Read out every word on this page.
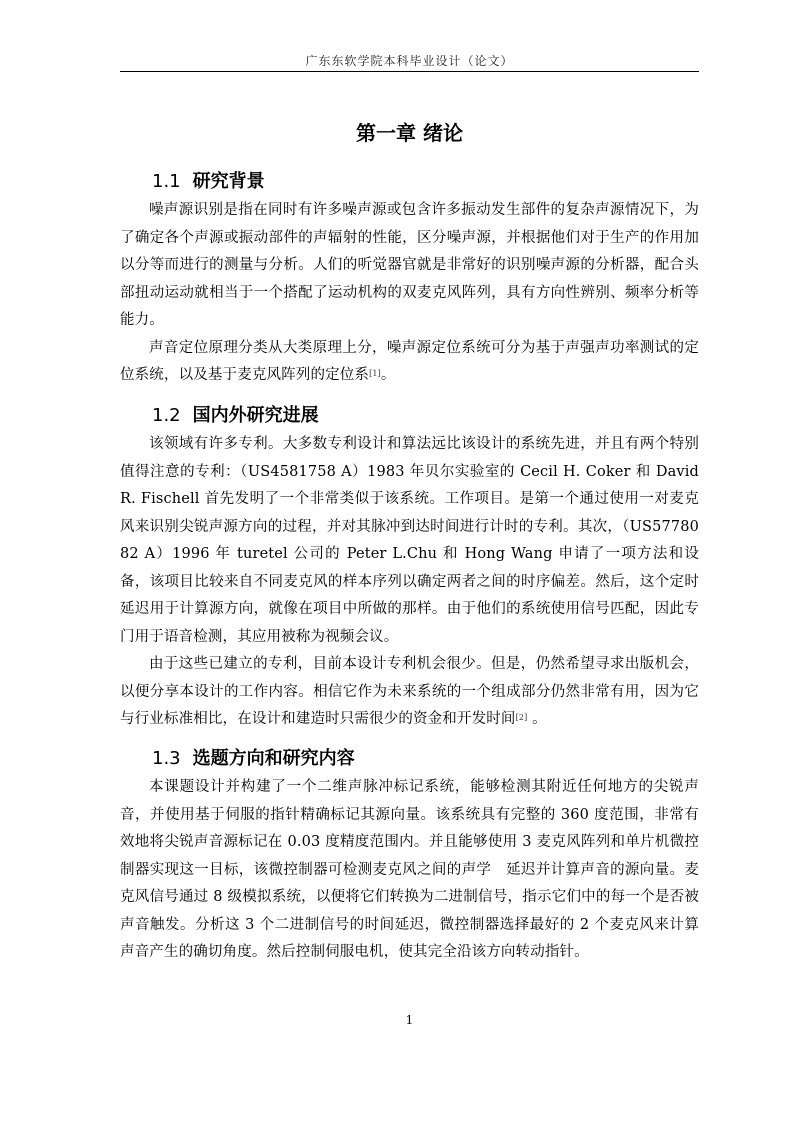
广东东软学院本科毕业设计（论文）
第一章 绪论
1.1 研究背景

噪声源识别是指在同时有许多噪声源或包含许多振动发生部件的复杂声源情况下，为了确定各个声源或振动部件的声辐射的性能，区分噪声源，并根据他们对于生产的作用加以分等而进行的测量与分析。人们的听觉器官就是非常好的识别噪声源的分析器，配合头部扭动运动就相当于一个搭配了运动机构的双麦克风阵列，具有方向性辨别、频率分析等能力。

声音定位原理分类从大类原理上分，噪声源定位系统可分为基于声强声功率测试的定位系统，以及基于麦克风阵列的定位系[1]。

1.2 国内外研究进展

该领域有许多专利。大多数专利设计和算法远比该设计的系统先进，并且有两个特别值得注意的专利：（US4581758 A）1983 年贝尔实验室的 Cecil H. Coker 和 David R. Fischell 首先发明了一个非常类似于该系统。工作项目。是第一个通过使用一对麦克风来识别尖锐声源方向的过程，并对其脉冲到达时间进行计时的专利。其次，（US5778082 A）1996 年 turetel 公司的 Peter L.Chu 和 Hong Wang 申请了一项方法和设备，该项目比较来自不同麦克风的样本序列以确定两者之间的时序偏差。然后，这个定时延迟用于计算源方向，就像在项目中所做的那样。由于他们的系统使用信号匹配，因此专门用于语音检测，其应用被称为视频会议。

由于这些已建立的专利，目前本设计专利机会很少。但是，仍然希望寻求出版机会，以便分享本设计的工作内容。相信它作为未来系统的一个组成部分仍然非常有用，因为它与行业标准相比，在设计和建造时只需很少的资金和开发时间[2] 。

1.3 选题方向和研究内容

本课题设计并构建了一个二维声脉冲标记系统，能够检测其附近任何地方的尖锐声音，并使用基于伺服的指针精确标记其源向量。该系统具有完整的 360 度范围，非常有效地将尖锐声音源标记在 0.03 度精度范围内。并且能够使用 3 麦克风阵列和单片机微控制器实现这一目标，该微控制器可检测麦克风之间的声学　延迟并计算声音的源向量。麦克风信号通过 8 级模拟系统，以便将它们转换为二进制信号，指示它们中的每一个是否被声音触发。分析这 3 个二进制信号的时间延迟，微控制器选择最好的 2 个麦克风来计算声音产生的确切角度。然后控制伺服电机，使其完全沿该方向转动指针。

1
